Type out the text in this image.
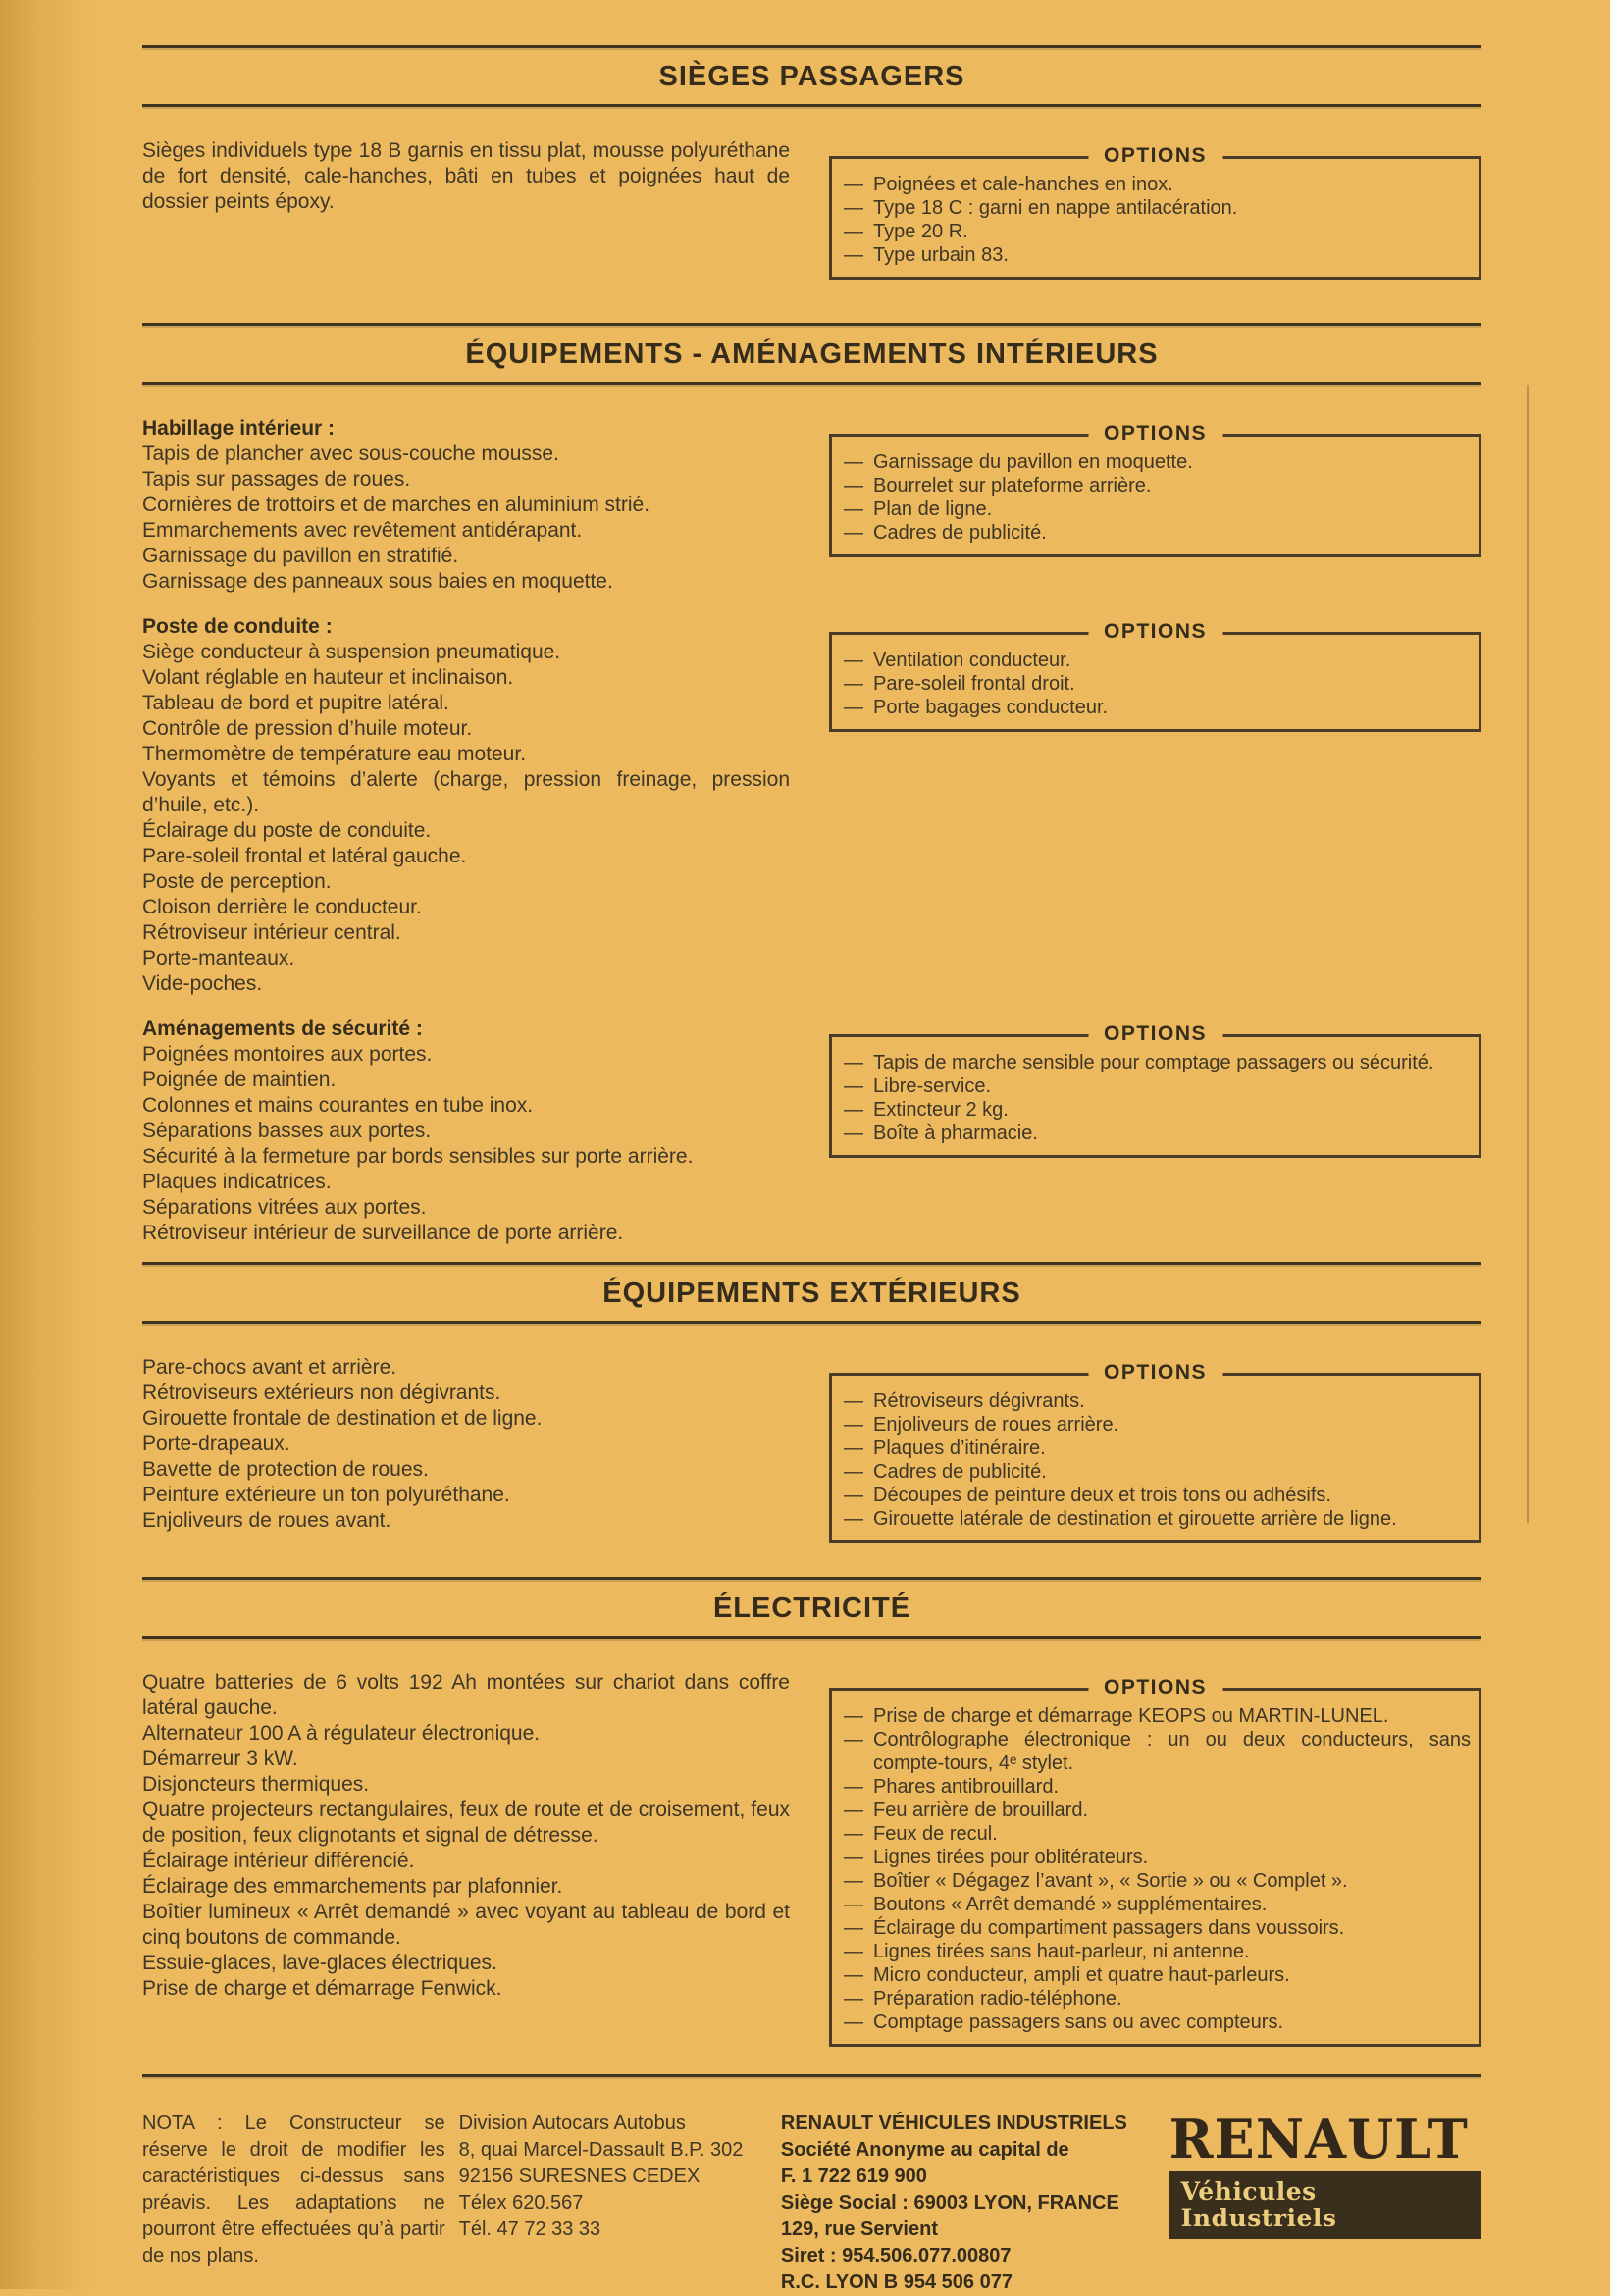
SIÈGES PASSAGERS
Sièges individuels type 18 B garnis en tissu plat, mousse polyuréthane de fort densité, cale-hanches, bâti en tubes et poignées haut de dossier peints époxy.
OPTIONS
— Poignées et cale-hanches en inox.
— Type 18 C : garni en nappe antilacération.
— Type 20 R.
— Type urbain 83.
ÉQUIPEMENTS - AMÉNAGEMENTS INTÉRIEURS
Habillage intérieur :
Tapis de plancher avec sous-couche mousse.
Tapis sur passages de roues.
Cornières de trottoirs et de marches en aluminium strié.
Emmarchements avec revêtement antidérapant.
Garnissage du pavillon en stratifié.
Garnissage des panneaux sous baies en moquette.
OPTIONS
— Garnissage du pavillon en moquette.
— Bourrelet sur plateforme arrière.
— Plan de ligne.
— Cadres de publicité.
Poste de conduite :
Siège conducteur à suspension pneumatique.
Volant réglable en hauteur et inclinaison.
Tableau de bord et pupitre latéral.
Contrôle de pression d’huile moteur.
Thermomètre de température eau moteur.
Voyants et témoins d’alerte (charge, pression freinage, pression d’huile, etc.).
Éclairage du poste de conduite.
Pare-soleil frontal et latéral gauche.
Poste de perception.
Cloison derrière le conducteur.
Rétroviseur intérieur central.
Porte-manteaux.
Vide-poches.
OPTIONS
— Ventilation conducteur.
— Pare-soleil frontal droit.
— Porte bagages conducteur.
Aménagements de sécurité :
Poignées montoires aux portes.
Poignée de maintien.
Colonnes et mains courantes en tube inox.
Séparations basses aux portes.
Sécurité à la fermeture par bords sensibles sur porte arrière.
Plaques indicatrices.
Séparations vitrées aux portes.
Rétroviseur intérieur de surveillance de porte arrière.
OPTIONS
— Tapis de marche sensible pour comptage passagers ou sécurité.
— Libre-service.
— Extincteur 2 kg.
— Boîte à pharmacie.
ÉQUIPEMENTS EXTÉRIEURS
Pare-chocs avant et arrière.
Rétroviseurs extérieurs non dégivrants.
Girouette frontale de destination et de ligne.
Porte-drapeaux.
Bavette de protection de roues.
Peinture extérieure un ton polyuréthane.
Enjoliveurs de roues avant.
OPTIONS
— Rétroviseurs dégivrants.
— Enjoliveurs de roues arrière.
— Plaques d’itinéraire.
— Cadres de publicité.
— Découpes de peinture deux et trois tons ou adhésifs.
— Girouette latérale de destination et girouette arrière de ligne.
ÉLECTRICITÉ
Quatre batteries de 6 volts 192 Ah montées sur chariot dans coffre latéral gauche.
Alternateur 100 A à régulateur électronique.
Démarreur 3 kW.
Disjoncteurs thermiques.
Quatre projecteurs rectangulaires, feux de route et de croisement, feux de position, feux clignotants et signal de détresse.
Éclairage intérieur différencié.
Éclairage des emmarchements par plafonnier.
Boîtier lumineux « Arrêt demandé » avec voyant au tableau de bord et cinq boutons de commande.
Essuie-glaces, lave-glaces électriques.
Prise de charge et démarrage Fenwick.
OPTIONS
— Prise de charge et démarrage KEOPS ou MARTIN-LUNEL.
— Contrôlographe électronique : un ou deux conducteurs, sans compte-tours, 4ᵉ stylet.
— Phares antibrouillard.
— Feu arrière de brouillard.
— Feux de recul.
— Lignes tirées pour oblitérateurs.
— Boîtier « Dégagez l’avant », « Sortie » ou « Complet ».
— Boutons « Arrêt demandé » supplémentaires.
— Éclairage du compartiment passagers dans voussoirs.
— Lignes tirées sans haut-parleur, ni antenne.
— Micro conducteur, ampli et quatre haut-parleurs.
— Préparation radio-téléphone.
— Comptage passagers sans ou avec compteurs.
NOTA : Le Constructeur se réserve le droit de modifier les caractéristiques ci-dessus sans préavis. Les adaptations ne pourront être effectuées qu’à partir de nos plans.
Division Autocars Autobus
8, quai Marcel-Dassault B.P. 302
92156 SURESNES CEDEX
Télex 620.567
Tél. 47 72 33 33
RENAULT VÉHICULES INDUSTRIELS
Société Anonyme au capital de
F. 1 722 619 900
Siège Social : 69003 LYON, FRANCE
129, rue Servient
Siret : 954.506.077.00807
R.C. LYON B 954 506 077
RENAULT
Véhicules Industriels
